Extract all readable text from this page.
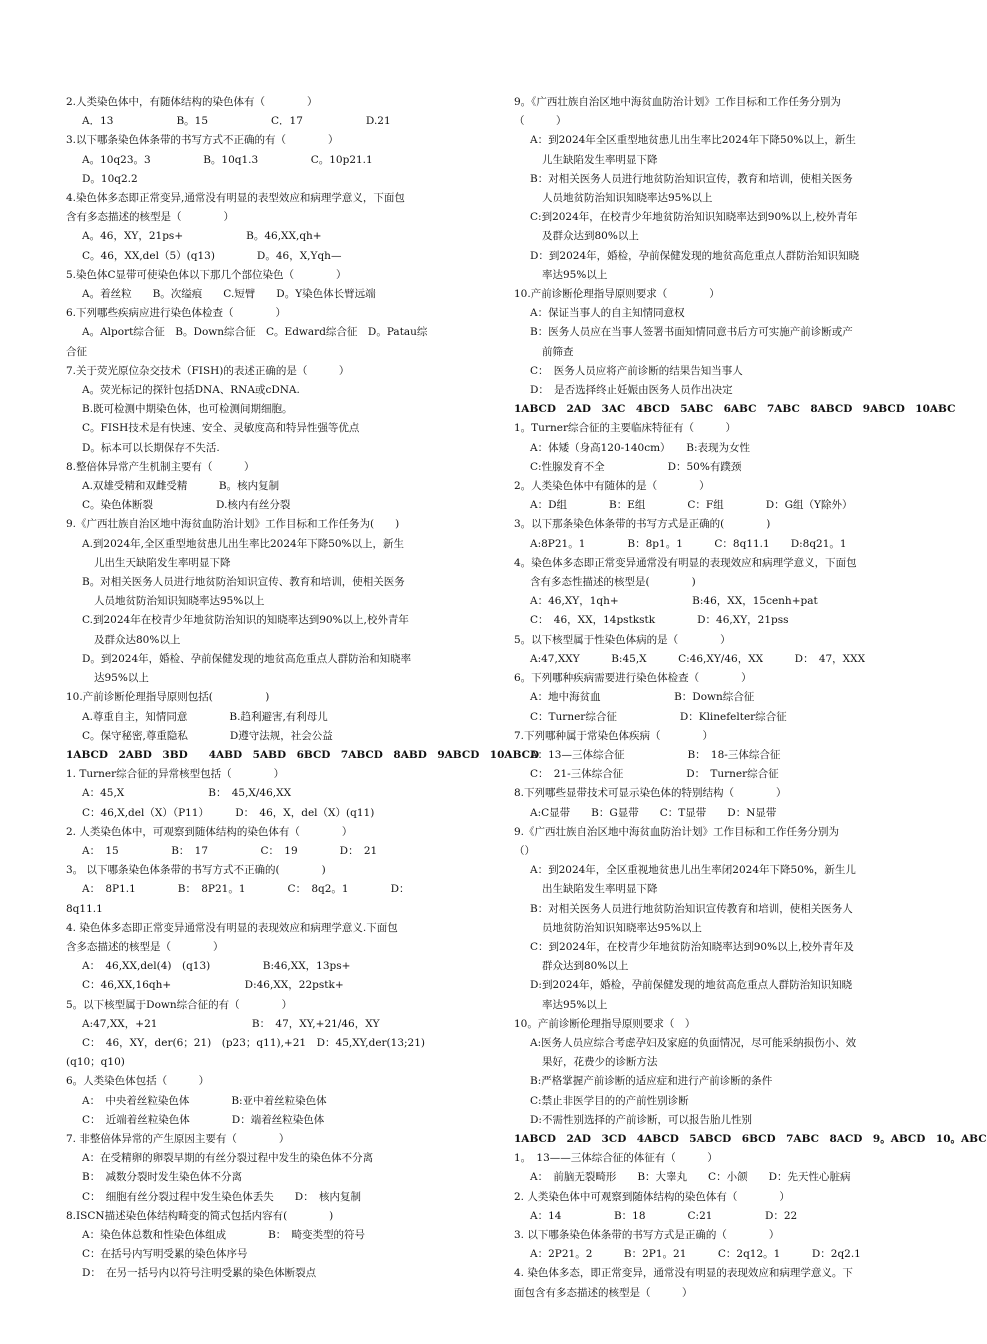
2.人类染色体中，有随体结构的染色体有（　　　　）
A．13　　　　　　B。15　　　　　　C．17　　　　　　D.21
3.以下哪条染色体条带的书写方式不正确的有（　　　　）
A。10q23。3　　　　　B。10q1.3　　　　　C。10p21.1
D。10q2.2
4.染色体多态即正常变异,通常没有明显的表型效应和病理学意义，下面包
含有多态描述的核型是（　　　　）
A。46，XY，21ps+　　　　　　B。46,XX,qh+
C。46，XX,del（5）(q13)　　　　D。46，X,Yqh—
5.染色体C显带可使染色体以下那几个部位染色（　　　　）
A。着丝粒　　B。次缢痕　　C.短臂　　D。Y染色体长臂远端
6.下列哪些疾病应进行染色体检查（　　　　）
A。Alport综合征　B。Down综合征　C。Edward综合征　D。Patau综
合征
7.关于荧光原位杂交技术（FISH)的表述正确的是（　　　）
A。荧光标记的探针包括DNA、RNA或cDNA.
B.既可检测中期染色体，也可检测间期细胞。
C。FISH技术是有快速、安全、灵敏度高和特异性强等优点
D。标本可以长期保存不失活.
8.整倍体异常产生机制主要有（　　　）
A.双雄受精和双雌受精　　　B。核内复制
C。染色体断裂　　　　　　D.核内有丝分裂
9.《广西壮族自治区地中海贫血防治计划》工作目标和工作任务为(　　)
A.到2024年,全区重型地贫患儿出生率比2024年下降50%以上，新生
儿出生天缺陷发生率明显下降
B。对相关医务人员进行地贫防治知识宣传、教育和培训，使相关医务
人员地贫防治知识知晓率达95%以上
C.到2024年在校青少年地贫防治知识的知晓率达到90%以上,校外青年
及群众达80%以上
D。到2024年，婚检、孕前保健发现的地贫高危重点人群防治和知晓率
达95%以上
10.产前诊断伦理指导原则包括(　　　　　)
A.尊重自主，知情同意　　　　B.趋利避害,有利母儿
C。保守秘密,尊重隐私　　　　D遵守法规，社会公益
1ABCD　2ABD　3BD　　4ABD　5ABD　6BCD　7ABCD　8ABD　9ABCD　10ABCD
1. Turner综合征的异常核型包括（　　　　）
A：45,X　　　　　　　　B：　45,X/46,XX
C：46,X,del（X）（P11）　　　D：　46，X，del（X）(q11)
2. 人类染色体中，可观察到随体结构的染色体有（　　　　）
A：　15　　　　　B：　17　　　　　C：　19　　　　D：　21
3。 以下哪条染色体条带的书写方式不正确的(　　　　)
A：　8P1.1　　　　B：　8P21。1　　　　C：　8q2。1　　　　D：
8q11.1
4. 染色体多态即正常变异通常没有明显的表现效应和病理学意义.下面包
含多态描述的核型是（　　　　）
A：　46,XX,del(4)　(q13)　　　　　B:46,XX，13ps+
C：46,XX,16qh+　　　　　　　D:46,XX，22pstk+
5。以下核型属于Down综合征的有（　　　　）
A:47,XX，+21　　　　　　　　　B：　47，XY,+21/46，XY
C：　46，XY，der(6；21)　(p23；q11),+21　D：45,XY,der(13;21)
(q10；q10)
6。人类染色体包括（　　　）
A：　中央着丝粒染色体　　　　B:亚中着丝粒染色体
C：　近端着丝粒染色体　　　　D：端着丝粒染色体
7. 非整倍体异常的产生原因主要有（　　　　）
A：在受精卵的卵裂早期的有丝分裂过程中发生的染色体不分离
B：　减数分裂时发生染色体不分离
C：　细胞有丝分裂过程中发生染色体丢失　　D：　核内复制
8.ISCN描述染色体结构畸变的简式包括内容有(　　　　)
A：染色体总数和性染色体组成　　　　B：　畸变类型的符号
C：在括号内写明受累的染色体序号
D：　在另一括号内以符号注明受累的染色体断裂点
9。《广西壮族自治区地中海贫血防治计划》工作目标和工作任务分别为
（　　　）
A：到2024年全区重型地贫患儿出生率比2024年下降50%以上，新生
儿生缺陷发生率明显下降
B：对相关医务人员进行地贫防治知识宣传，教育和培训，使相关医务
人员地贫防治知识知晓率达95%以上
C:到2024年，在校青少年地贫防治知识知晓率达到90%以上,校外青年
及群众达到80%以上
D：到2024年，婚检，孕前保健发现的地贫高危重点人群防治知识知晓
率达95%以上
10.产前诊断伦理指导原则要求（　　　　）
A：保证当事人的自主知情同意权
B：医务人员应在当事人签署书面知情同意书后方可实施产前诊断或产
前筛查
C：　医务人员应将产前诊断的结果告知当事人
D：　是否选择终止妊娠由医务人员作出决定
1ABCD　2AD　3AC　4BCD　5ABC　6ABC　7ABC　8ABCD　9ABCD　10ABC
1。Turner综合征的主要临床特征有（　　　）
A：体矮（身高120-140cm）　　B:表现为女性
C:性腺发育不全　　　　　　D：50%有蹼颈
2。人类染色体中有随体的是（　　　　）
A：D组　　　　B：E组　　　　C：F组　　　　D：G组（Y除外）
3。以下那条染色体条带的书写方式是正确的(　　　　)
A:8P21。1　　　　B：8p1。1　　　C：8q11.1　　D:8q21。1
4。染色体多态即正常变异通常没有明显的表现效应和病理学意义，下面包
含有多态性描述的核型是(　　　　)
A：46,XY，1qh+　　　　　　　B:46，XX，15cenh+pat
C：　46，XX，14pstkstk　　　　D：46,XY，21pss
5。以下核型属于性染色体病的是（　　　　）
A:47,XXY　　　B:45,X　　　C:46,XY/46，XX　　　D：　47，XXX
6。下列哪种疾病需要进行染色体检查（　　　　）
A：地中海贫血　　　　　　　B：Down综合征
C：Turner综合征　　　　　　D：Klinefelter综合征
7.下列哪种属于常染色体疾病（　　　　）
A：13—三体综合征　　　　　　B：　18-三体综合征
C：　21-三体综合征　　　　　　D：　Turner综合征
8.下列哪些显带技术可显示染色体的特别结构（　　　　）
A:C显带　　B：G显带　　C：T显带　　D：N显带
9.《广西壮族自治区地中海贫血防治计划》工作目标和工作任务分别为
（）
A：到2024年，全区重视地贫患儿出生率闭2024年下降50%，新生儿
出生缺陷发生率明显下降
B：对相关医务人员进行地贫防治知识宣传教育和培训，使相关医务人
员地贫防治知识知晓率达95%以上
C：到2024年，在校青少年地贫防治知晓率达到90%以上,校外青年及
群众达到80%以上
D:到2024年，婚检，孕前保健发现的地贫高危重点人群防治知识知晓
率达95%以上
10。产前诊断伦理指导原则要求（　）
A:医务人员应综合考虑孕妇及家庭的负面情况，尽可能采纳损伤小、效
果好，花费少的诊断方法
B:严格掌握产前诊断的适应症和进行产前诊断的条件
C:禁止非医学目的的产前性别诊断
D:不需性别选择的产前诊断，可以报告胎儿性别
1ABCD　2AD　3CD　4ABCD　5ABCD　6BCD　7ABC　8ACD　9。ABCD　10。ABC
1。　13——三体综合征的体征有（　　　）
A：　前脑无裂畸形　　B：大睾丸　　C：小颌　　D：先天性心脏病
2. 人类染色体中可观察到随体结构的染色体有（　　　　）
A：14　　　　　B：18　　　　C:21　　　　　D：22
3. 以下哪条染色体条带的书写方式是正确的（　　　　）
A：2P21。2　　　B：2P1。21　　　C：2q12。1　　　D：2q2.1
4. 染色体多态，即正常变异，通常没有明显的表现效应和病理学意义。下
面包含有多态描述的核型是（　　　）
